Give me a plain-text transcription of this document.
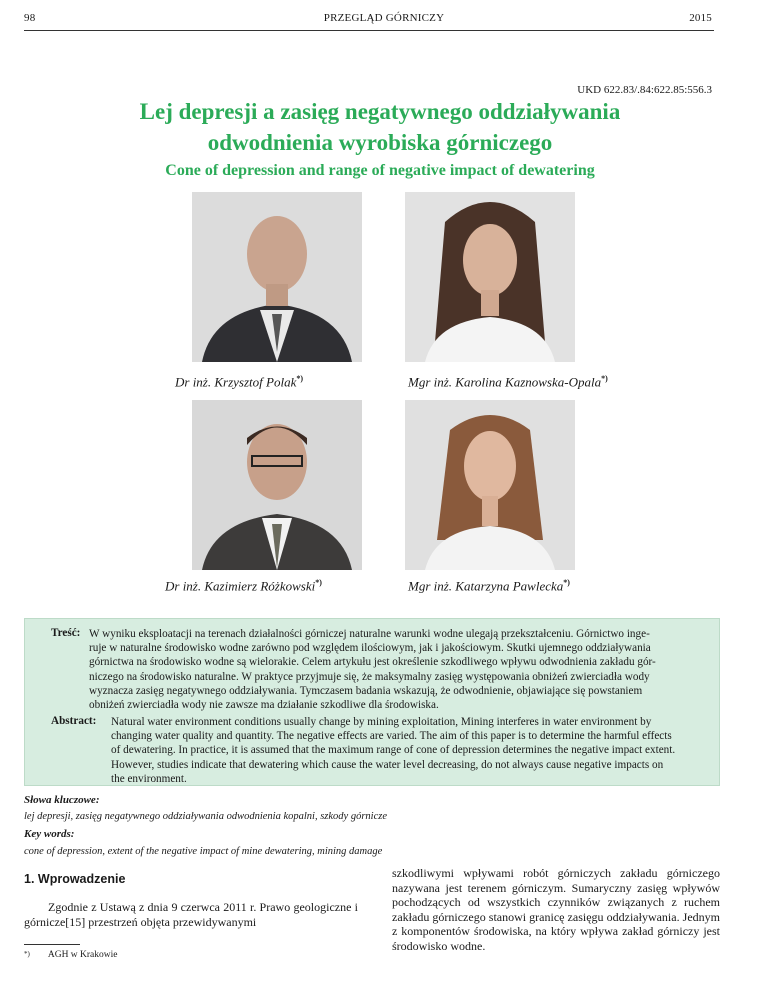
98	PRZEGLĄD GÓRNICZY	2015
UKD 622.83/.84:622.85:556.3
Lej depresji a zasięg negatywnego oddziaływania
odwodnienia wyrobiska górniczego
Cone of depression and range of negative impact of dewatering
Dr inż. Krzysztof Polak*)	Mgr inż. Karolina Kaznowska-Opala*)
Dr inż. Kazimierz Różkowski*)	Mgr inż. Katarzyna Pawlecka*)
Treść: W wyniku eksploatacji na terenach działalności górniczej naturalne warunki wodne ulegają przekształceniu. Górnictwo inge-
ruje w naturalne środowisko wodne zarówno pod względem ilościowym, jak i jakościowym. Skutki ujemnego oddziaływania
górnictwa na środowisko wodne są wielorakie. Celem artykułu jest określenie szkodliwego wpływu odwodnienia zakładu gór-
niczego na środowisko naturalne. W praktyce przyjmuje się, że maksymalny zasięg występowania obniżeń zwierciadła wody
wyznacza zasięg negatywnego oddziaływania. Tymczasem badania wskazują, że odwodnienie, objawiające się powstaniem
obniżeń zwierciadła wody nie zawsze ma działanie szkodliwe dla środowiska.
Abstract: Natural water environment conditions usually change by mining exploitation, Mining interferes in water environment by
changing water quality and quantity. The negative effects are varied. The aim of this paper is to determine the harmful effects
of dewatering. In practice, it is assumed that the maximum range of cone of depression determines the negative impact extent.
However, studies indicate that dewatering which cause the water level decreasing, do not always cause negative impacts on
the environment.
Słowa kluczowe:
lej depresji, zasięg negatywnego oddziaływania odwodnienia kopalni, szkody górnicze
Key words:
cone of depression, extent of the negative impact of mine dewatering, mining damage
1. Wprowadzenie
Zgodnie z Ustawą z dnia 9 czerwca 2011 r. Prawo geologiczne i górnicze[15] przestrzeń objęta przewidywanymi
szkodliwymi wpływami robót górniczych zakładu górniczego nazywana jest terenem górniczym. Sumaryczny zasięg wpływów pochodzących od wszystkich czynników związanych z ruchem zakładu górniczego stanowi granicę zasięgu oddziaływania. Jednym z komponentów środowiska, na który wpływa zakład górniczy jest środowisko wodne.
*) AGH w Krakowie
